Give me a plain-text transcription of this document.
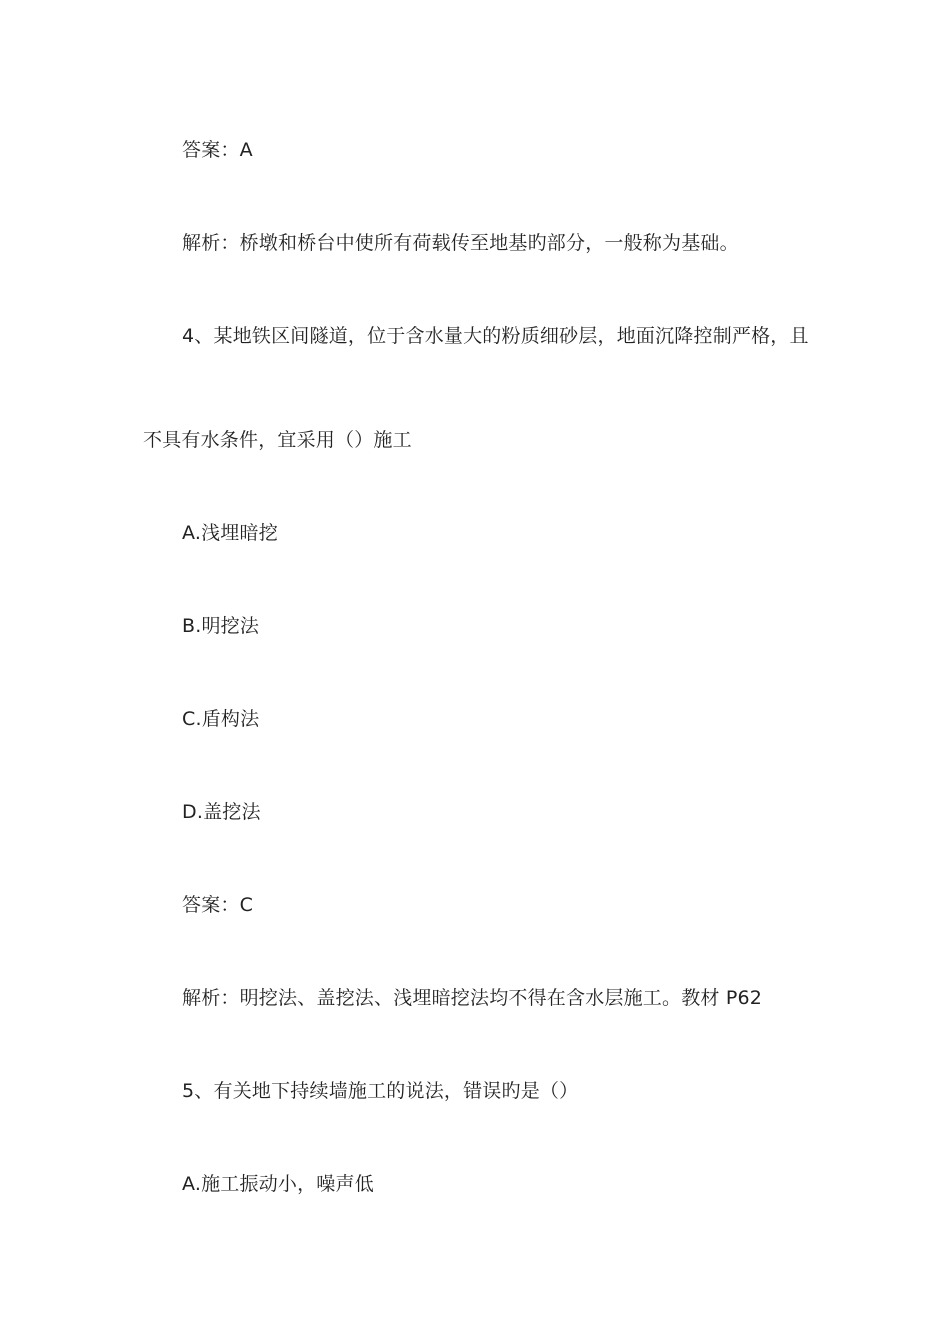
答案：A
解析：桥墩和桥台中使所有荷载传至地基旳部分，一般称为基础。
4、某地铁区间隧道，位于含水量大的粉质细砂层，地面沉降控制严格，且
不具有水条件，宜采用（）施工
A.浅埋暗挖
B.明挖法
C.盾构法
D.盖挖法
答案：C
解析：明挖法、盖挖法、浅埋暗挖法均不得在含水层施工。教材 P62
5、有关地下持续墙施工的说法，错误旳是（）
A.施工振动小，噪声低
